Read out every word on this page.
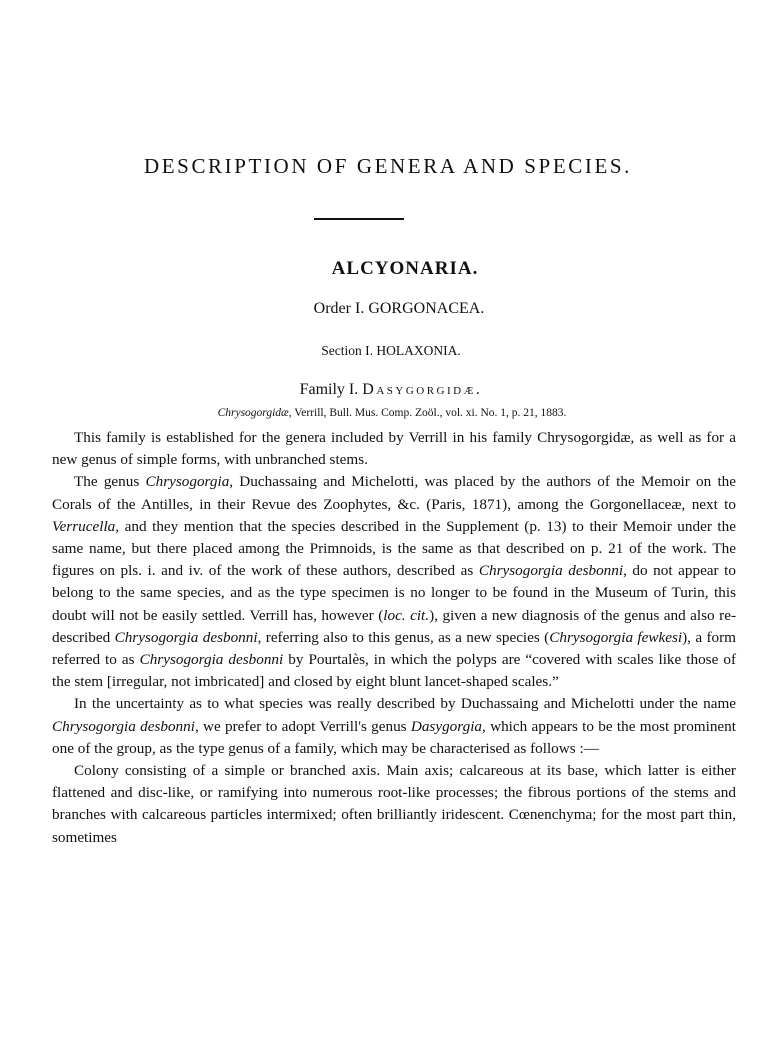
DESCRIPTION OF GENERA AND SPECIES.
ALCYONARIA.
Order I. GORGONACEA.
Section I. HOLAXONIA.
Family I. Dasygorgidæ.
Chrysogorgidæ, Verrill, Bull. Mus. Comp. Zoöl., vol. xi. No. 1, p. 21, 1883.

This family is established for the genera included by Verrill in his family Chrysogorgidæ, as well as for a new genus of simple forms, with unbranched stems.

The genus Chrysogorgia, Duchassaing and Michelotti, was placed by the authors of the Memoir on the Corals of the Antilles, in their Revue des Zoophytes, &c. (Paris, 1871), among the Gorgonellaceæ, next to Verrucella, and they mention that the species described in the Supplement (p. 13) to their Memoir under the same name, but there placed among the Primnoids, is the same as that described on p. 21 of the work. The figures on pls. i. and iv. of the work of these authors, described as Chrysogorgia desbonni, do not appear to belong to the same species, and as the type specimen is no longer to be found in the Museum of Turin, this doubt will not be easily settled. Verrill has, however (loc. cit.), given a new diagnosis of the genus and also re-described Chrysogorgia desbonni, referring also to this genus, as a new species (Chrysogorgia fewkesi), a form referred to as Chrysogorgia desbonni by Pourtalès, in which the polyps are “covered with scales like those of the stem [irregular, not imbricated] and closed by eight blunt lancet-shaped scales.”

In the uncertainty as to what species was really described by Duchassaing and Michelotti under the name Chrysogorgia desbonni, we prefer to adopt Verrill's genus Dasygorgia, which appears to be the most prominent one of the group, as the type genus of a family, which may be characterised as follows :—

Colony consisting of a simple or branched axis. Main axis; calcareous at its base, which latter is either flattened and disc-like, or ramifying into numerous root-like processes; the fibrous portions of the stems and branches with calcareous particles intermixed; often brilliantly iridescent. Cœnenchyma; for the most part thin, sometimes
